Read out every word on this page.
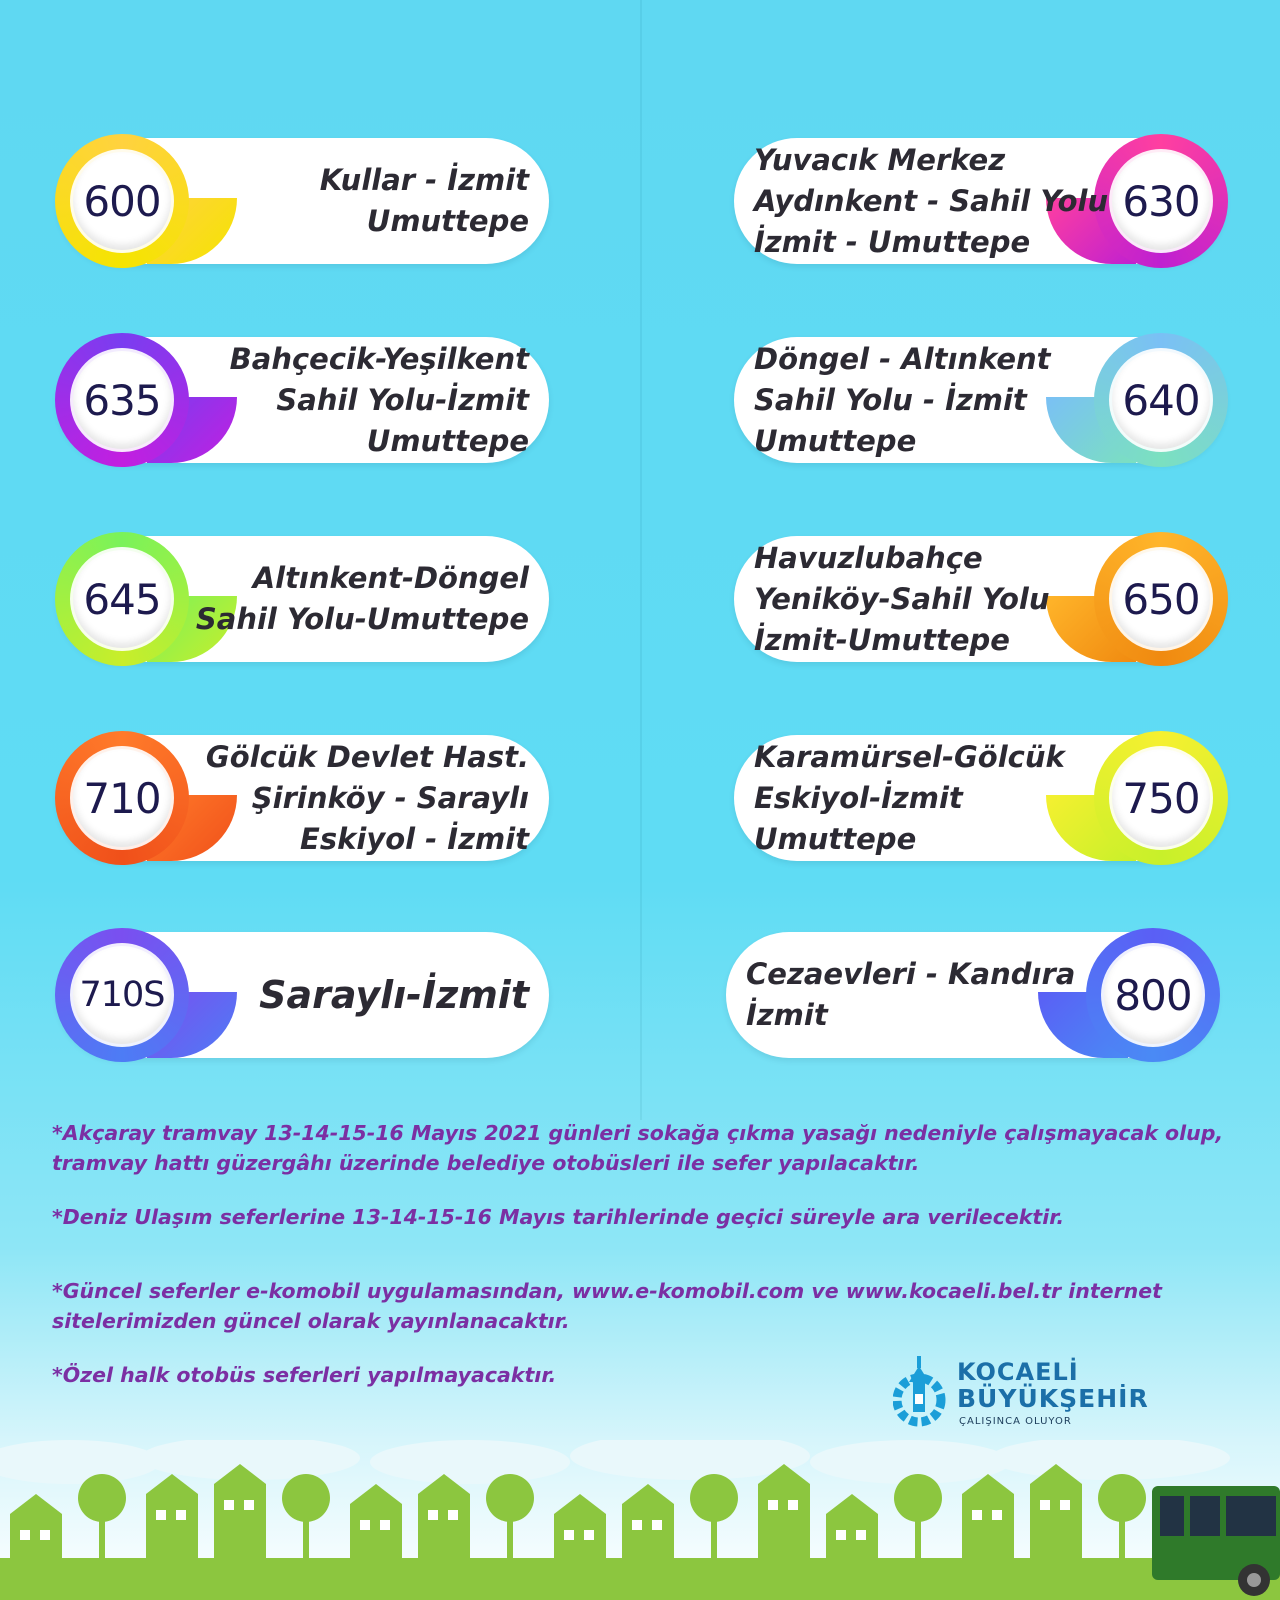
600	Kullar - İzmit
Umuttepe
635
Bahçecik-Yeşilkent
Sahil Yolu-İzmit
Umuttepe
645	Altınkent-Döngel
Sahil Yolu-Umuttepe
710
Gölcük Devlet Hast.
Şirinköy - Saraylı
Eskiyol - İzmit
710S Saraylı-İzmit
630
Yuvacık Merkez
Aydınkent - Sahil Yolu
İzmit - Umuttepe
640
Döngel - Altınkent
Sahil Yolu - İzmit
Umuttepe
650
Havuzlubahçe
Yeniköy-Sahil Yolu
İzmit-Umuttepe
750
Karamürsel-Gölcük
Eskiyol-İzmit
Umuttepe
800
Cezaevleri - Kandıra
İzmit

*Akçaray tramvay 13-14-15-16 Mayıs 2021 günleri sokağa çıkma yasağı nedeniyle çalışmayacak olup, tramvay hattı güzergâhı üzerinde belediye otobüsleri ile sefer yapılacaktır.

*Deniz Ulaşım seferlerine 13-14-15-16 Mayıs tarihlerinde geçici süreyle ara verilecektir.

*Güncel seferler e-komobil uygulamasından, www.e-komobil.com ve www.kocaeli.bel.tr internet sitelerimizden güncel olarak yayınlanacaktır.

*Özel halk otobüs seferleri yapılmayacaktır.	KOCAELİ
BÜYÜKŞEHİR
ÇALIŞINCA OLUYOR
